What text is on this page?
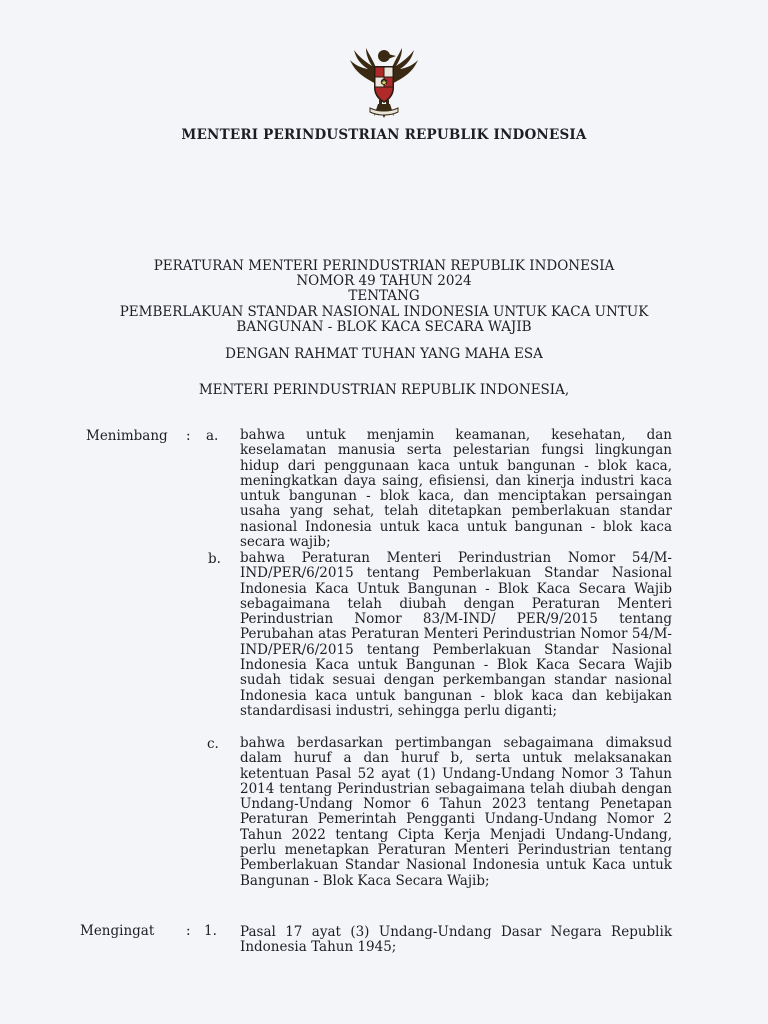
MENTERI PERINDUSTRIAN REPUBLIK INDONESIA
PERATURAN MENTERI PERINDUSTRIAN REPUBLIK INDONESIA
NOMOR 49 TAHUN 2024
TENTANG
PEMBERLAKUAN STANDAR NASIONAL INDONESIA UNTUK KACA UNTUK
BANGUNAN - BLOK KACA SECARA WAJIB
DENGAN RAHMAT TUHAN YANG MAHA ESA
MENTERI PERINDUSTRIAN REPUBLIK INDONESIA,
Menimbang : a. bahwa untuk menjamin keamanan, kesehatan, dan keselamatan manusia serta pelestarian fungsi lingkungan hidup dari penggunaan kaca untuk bangunan - blok kaca, meningkatkan daya saing, efisiensi, dan kinerja industri kaca untuk bangunan - blok kaca, dan menciptakan persaingan usaha yang sehat, telah ditetapkan pemberlakuan standar nasional Indonesia untuk kaca untuk bangunan - blok kaca secara wajib;
b. bahwa Peraturan Menteri Perindustrian Nomor 54/M-IND/PER/6/2015 tentang Pemberlakuan Standar Nasional Indonesia Kaca Untuk Bangunan - Blok Kaca Secara Wajib sebagaimana telah diubah dengan Peraturan Menteri Perindustrian Nomor 83/M-IND/ PER/9/2015 tentang Perubahan atas Peraturan Menteri Perindustrian Nomor 54/M-IND/PER/6/2015 tentang Pemberlakuan Standar Nasional Indonesia Kaca untuk Bangunan - Blok Kaca Secara Wajib sudah tidak sesuai dengan perkembangan standar nasional Indonesia kaca untuk bangunan - blok kaca dan kebijakan standardisasi industri, sehingga perlu diganti;
c. bahwa berdasarkan pertimbangan sebagaimana dimaksud dalam huruf a dan huruf b, serta untuk melaksanakan ketentuan Pasal 52 ayat (1) Undang-Undang Nomor 3 Tahun 2014 tentang Perindustrian sebagaimana telah diubah dengan Undang-Undang Nomor 6 Tahun 2023 tentang Penetapan Peraturan Pemerintah Pengganti Undang-Undang Nomor 2 Tahun 2022 tentang Cipta Kerja Menjadi Undang-Undang, perlu menetapkan Peraturan Menteri Perindustrian tentang Pemberlakuan Standar Nasional Indonesia untuk Kaca untuk Bangunan - Blok Kaca Secara Wajib;
Mengingat : 1. Pasal 17 ayat (3) Undang-Undang Dasar Negara Republik Indonesia Tahun 1945;
